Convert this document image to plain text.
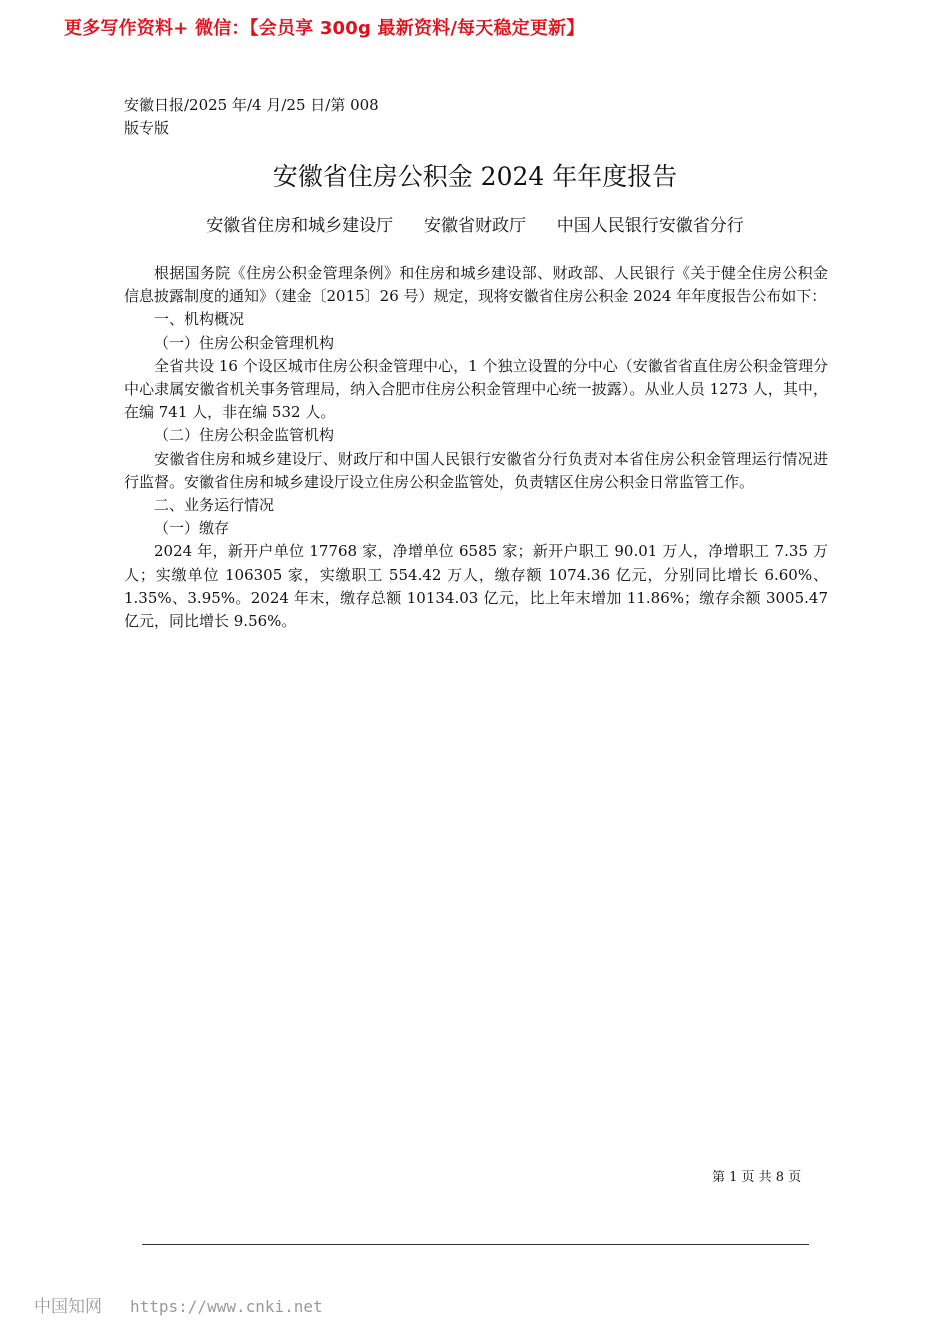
更多写作资料+ 微信：【会员享 300g 最新资料/每天稳定更新】
安徽日报/2025 年/4 月/25 日/第 008 版专版
安徽省住房公积金 2024 年年度报告
安徽省住房和城乡建设厅  安徽省财政厅  中国人民银行安徽省分行

根据国务院《住房公积金管理条例》和住房和城乡建设部、财政部、人民银行《关于健全住房公积金信息披露制度的通知》（建金〔2015〕26 号）规定，现将安徽省住房公积金 2024 年年度报告公布如下：

一、机构概况

（一）住房公积金管理机构

全省共设 16 个设区城市住房公积金管理中心，1 个独立设置的分中心（安徽省省直住房公积金管理分中心隶属安徽省机关事务管理局，纳入合肥市住房公积金管理中心统一披露）。从业人员 1273 人，其中，在编 741 人，非在编 532 人。

（二）住房公积金监管机构

安徽省住房和城乡建设厅、财政厅和中国人民银行安徽省分行负责对本省住房公积金管理运行情况进行监督。安徽省住房和城乡建设厅设立住房公积金监管处，负责辖区住房公积金日常监管工作。

二、业务运行情况

（一）缴存

2024 年，新开户单位 17768 家，净增单位 6585 家；新开户职工 90.01 万人，净增职工 7.35 万人；实缴单位 106305 家，实缴职工 554.42 万人，缴存额 1074.36 亿元，分别同比增长 6.60%、1.35%、3.95%。2024 年末，缴存总额 10134.03 亿元，比上年末增加 11.86%；缴存余额 3005.47 亿元，同比增长 9.56%。

第 1 页 共 8 页
中国知网 https://www.cnki.net
